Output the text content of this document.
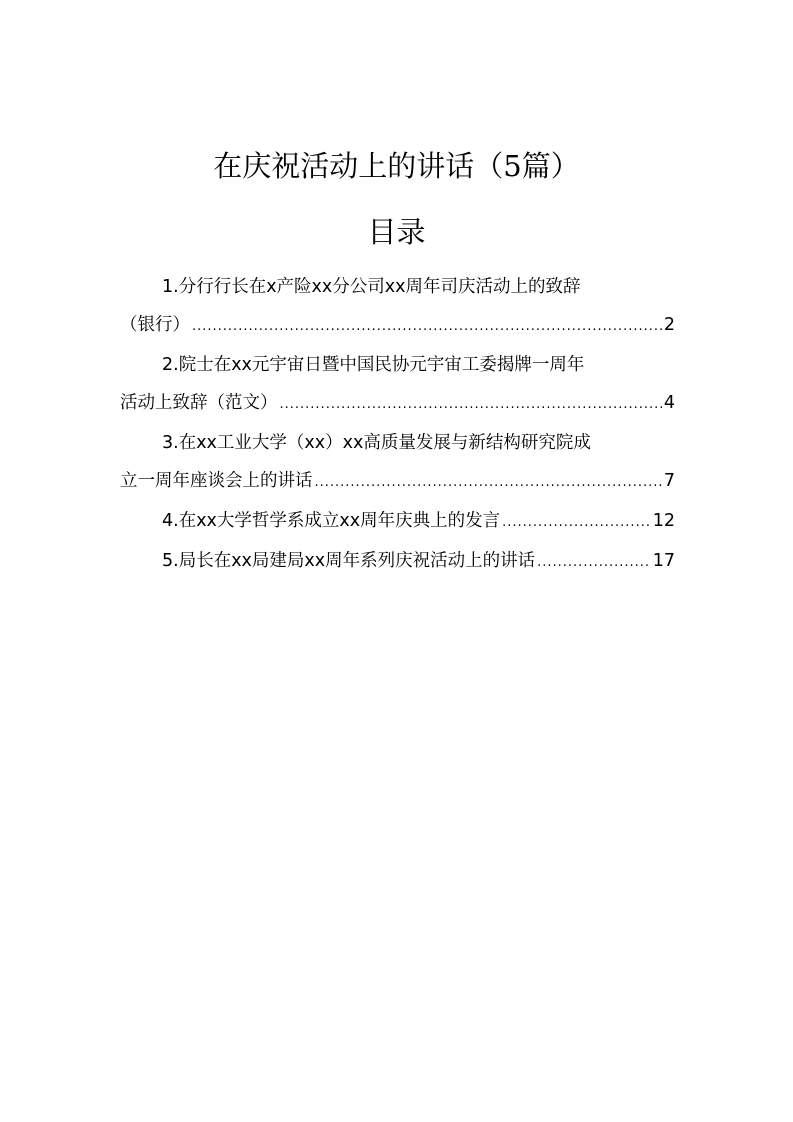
在庆祝活动上的讲话（5篇）
目录
1.分行行长在x产险xx分公司xx周年司庆活动上的致辞
（银行） .....	2
2.院士在xx元宇宙日暨中国民协元宇宙工委揭牌一周年
活动上致辞（范文） .....	4
3.在xx工业大学（xx）xx高质量发展与新结构研究院成
立一周年座谈会上的讲话 .....	7
4.在xx大学哲学系成立xx周年庆典上的发言 .....	12
5.局长在xx局建局xx周年系列庆祝活动上的讲话 .....	17
